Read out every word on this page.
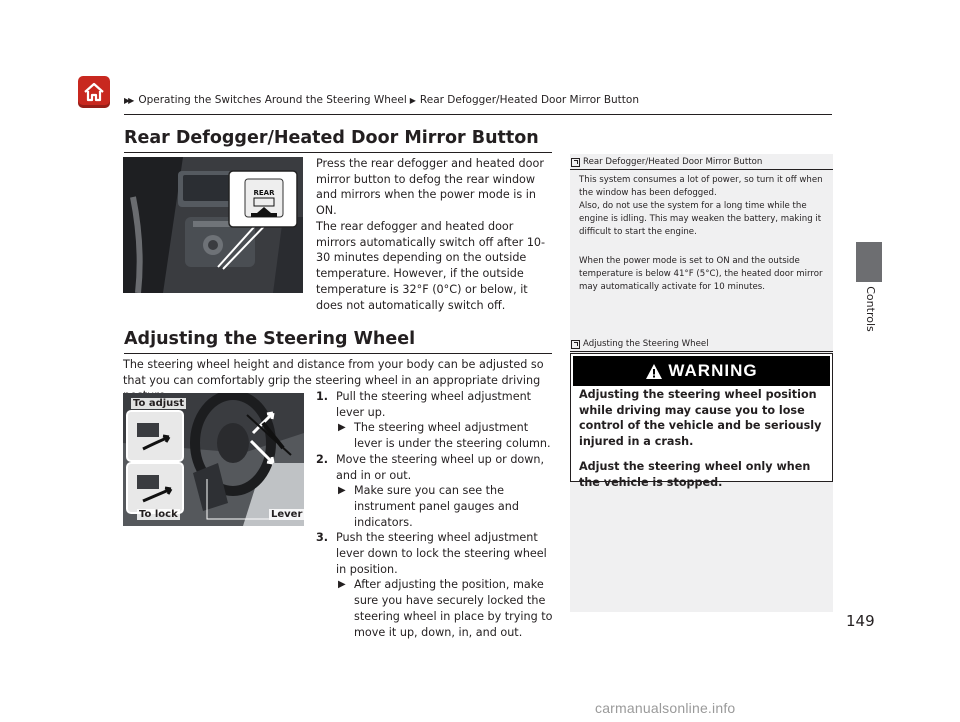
▶▶ Operating the Switches Around the Steering Wheel ▶ Rear Defogger/Heated Door Mirror Button
Controls
149
Rear Defogger/Heated Door Mirror Button
REAR
Press the rear defogger and heated door mirror button to defog the rear window and mirrors when the power mode is in ON.
The rear defogger and heated door mirrors automatically switch off after 10-30 minutes depending on the outside temperature. However, if the outside temperature is 32°F (0°C) or below, it does not automatically switch off.
Rear Defogger/Heated Door Mirror Button
This system consumes a lot of power, so turn it off when the window has been defogged.
Also, do not use the system for a long time while the engine is idling. This may weaken the battery, making it difficult to start the engine.
When the power mode is set to ON and the outside temperature is below 41°F (5°C), the heated door mirror may automatically activate for 10 minutes.
Adjusting the Steering Wheel
WARNING
Adjusting the steering wheel position while driving may cause you to lose control of the vehicle and be seriously injured in a crash.
Adjust the steering wheel only when the vehicle is stopped.
Adjusting the Steering Wheel
The steering wheel height and distance from your body can be adjusted so that you can comfortably grip the steering wheel in an appropriate driving
To adjust
To lock	Lever
1. Pull the steering wheel adjustment lever up.
▶ The steering wheel adjustment lever is under the steering column.
2. Move the steering wheel up or down, and in or out.
▶ Make sure you can see the instrument panel gauges and indicators.
3. Push the steering wheel adjustment lever down to lock the steering wheel in position.
▶ After adjusting the position, make sure you have securely locked the steering wheel in place by trying to move it up, down, in, and out.
carmanualsonline.info
